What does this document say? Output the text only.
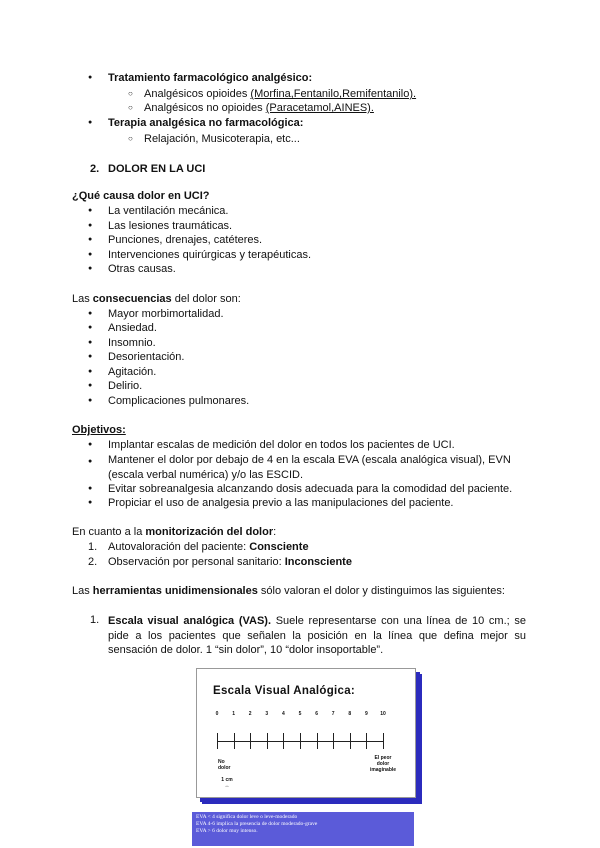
● Tratamiento farmacológico analgésico:
○ Analgésicos opioides (Morfina,Fentanilo,Remifentanilo).
○ Analgésicos no opioides (Paracetamol,AINES).
● Terapia analgésica no farmacológica:
○ Relajación, Musicoterapia, etc...
2. DOLOR EN LA UCI
¿Qué causa dolor en UCI?
● La ventilación mecánica.
● Las lesiones traumáticas.
● Punciones, drenajes, catéteres.
● Intervenciones quirúrgicas y terapéuticas.
● Otras causas.
Las consecuencias del dolor son:
● Mayor morbimortalidad.
● Ansiedad.
● Insomnio.
● Desorientación.
● Agitación.
● Delirio.
● Complicaciones pulmonares.
Objetivos:
● Implantar escalas de medición del dolor en todos los pacientes de UCI.
● Mantener el dolor por debajo de 4 en la escala EVA (escala analógica visual), EVN (escala verbal numérica) y/o las ESCID.
● Evitar sobreanalgesia alcanzando dosis adecuada para la comodidad del paciente.
● Propiciar el uso de analgesia previo a las manipulaciones del paciente.
En cuanto a la monitorización del dolor:
1. Autovaloración del paciente: Consciente
2. Observación por personal sanitario: Inconsciente
Las herramientas unidimensionales sólo valoran el dolor y distinguimos las siguientes:
1. Escala visual analógica (VAS). Suele representarse con una línea de 10 cm.; se pide a los pacientes que señalen la posición en la línea que defina mejor su sensación de dolor. 1 “sin dolor”, 10 “dolor insoportable”.
Escala Visual Analógica:
0	1	2	3	4	5	6	7	8	9 10
No
dolor
El peor
dolor
imaginable
1 cm
↔
EVA < 4 significa dolor leve o leve-moderado
EVA 4-6 implica la presencia de dolor moderado-grave
EVA > 6 dolor muy intenso.
